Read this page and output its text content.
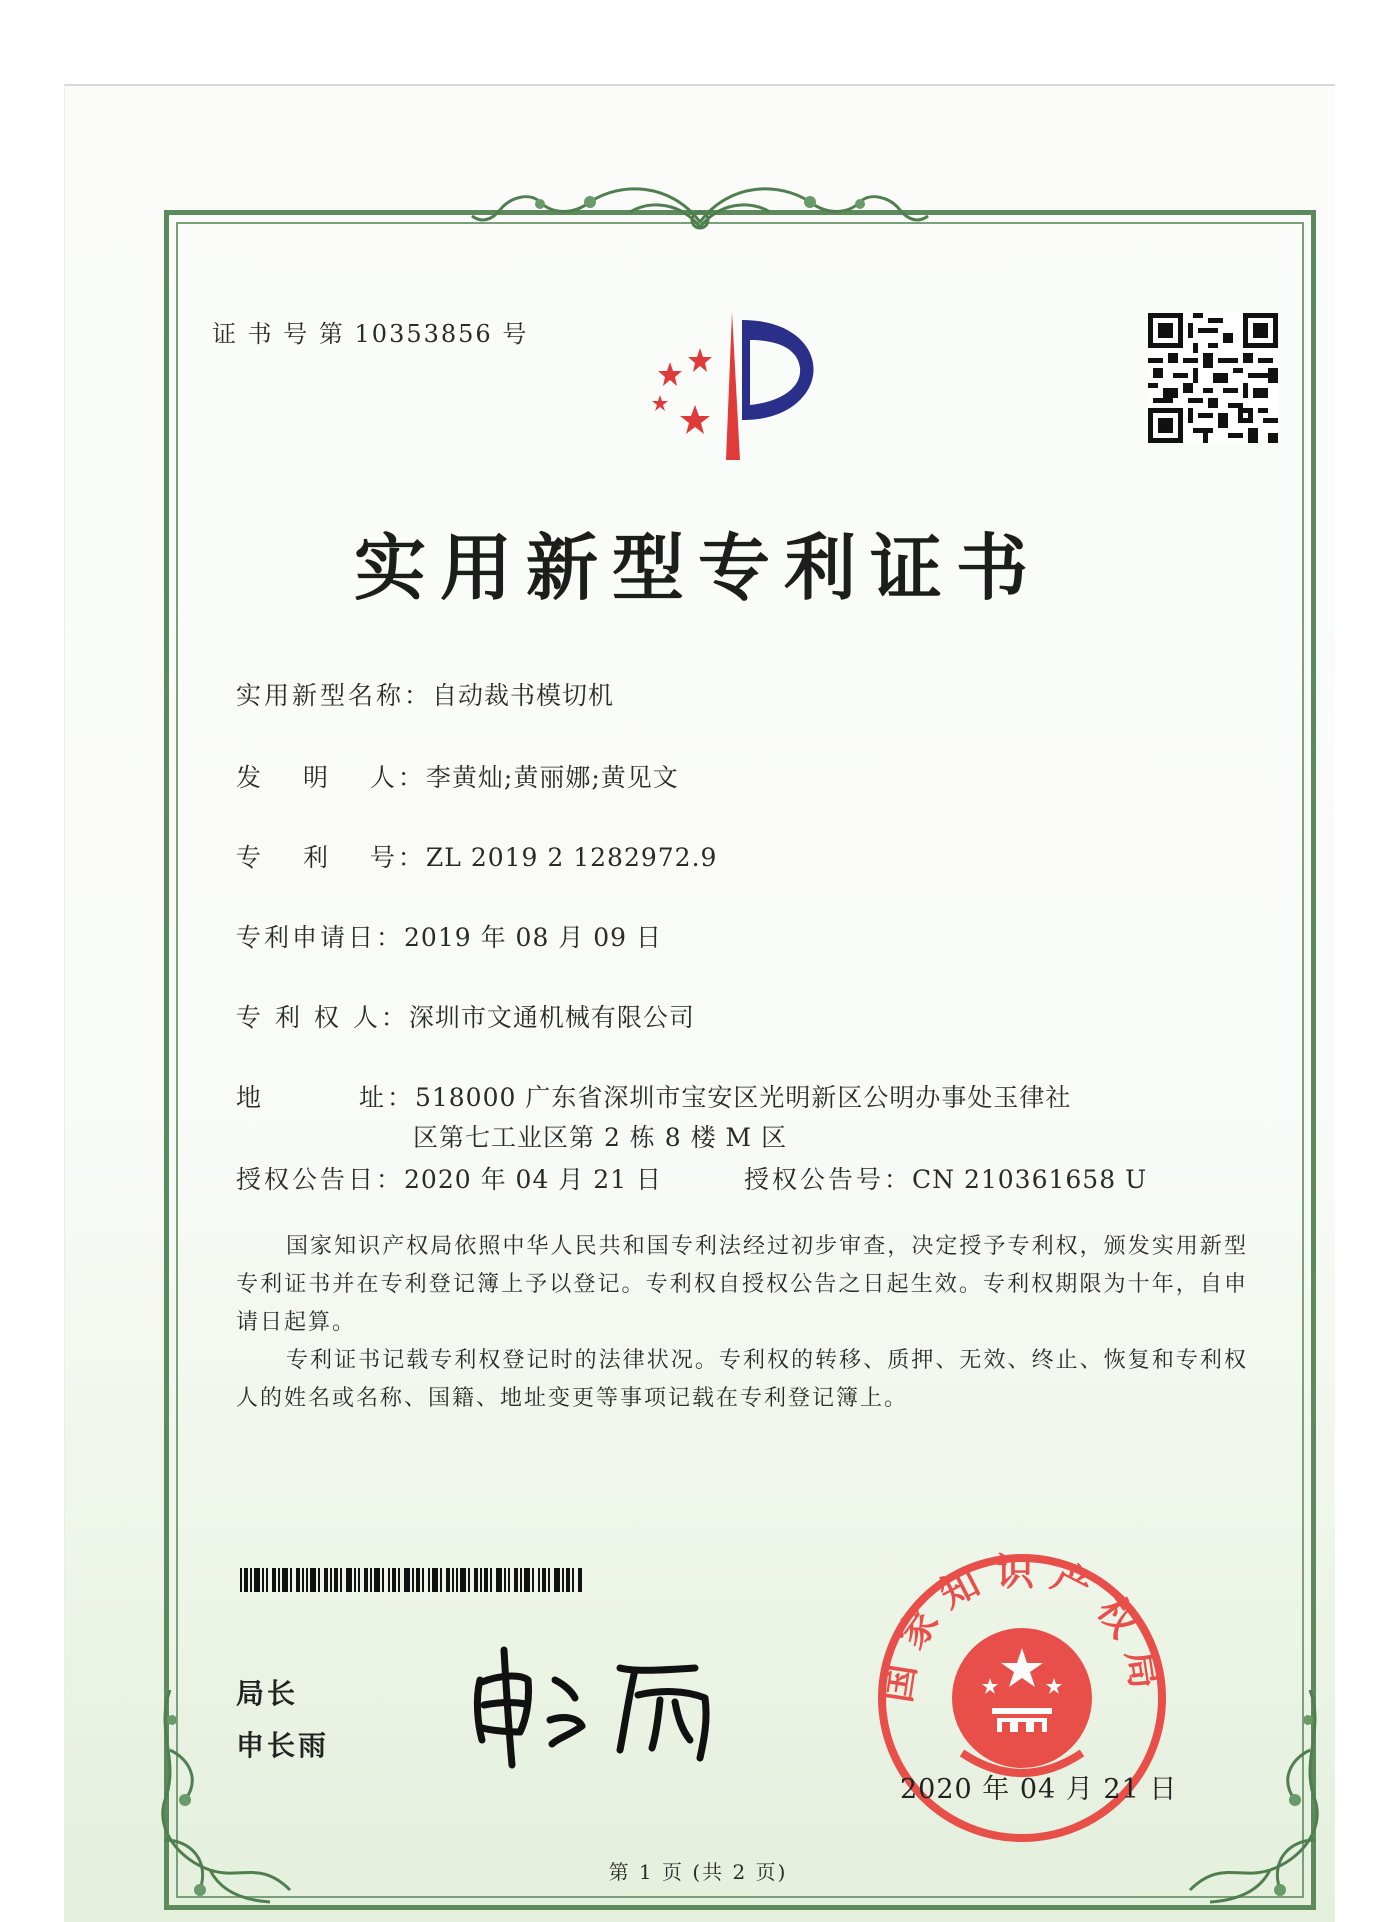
证 书 号 第 10353856 号
实用新型专利证书
实用新型名称：自动裁书模切机
发　 明　 人：李黄灿;黄丽娜;黄见文
专　 利　 号：ZL 2019 2 1282972.9
专利申请日：2019 年 08 月 09 日
专 利 权 人：深圳市文通机械有限公司
地　　　 址：518000 广东省深圳市宝安区光明新区公明办事处玉律社
区第七工业区第 2 栋 8 楼 M 区
授权公告日：2020 年 04 月 21 日	授权公告号：CN 210361658 U
国家知识产权局依照中华人民共和国专利法经过初步审查，决定授予专利权，颁发实用新型专利证书并在专利登记簿上予以登记。专利权自授权公告之日起生效。专利权期限为十年，自申请日起算。
专利证书记载专利权登记时的法律状况。专利权的转移、质押、无效、终止、恢复和专利权人的姓名或名称、国籍、地址变更等事项记载在专利登记簿上。
局长
申长雨
国家知识产权局
2020 年 04 月 21 日
第 1 页 (共 2 页)
